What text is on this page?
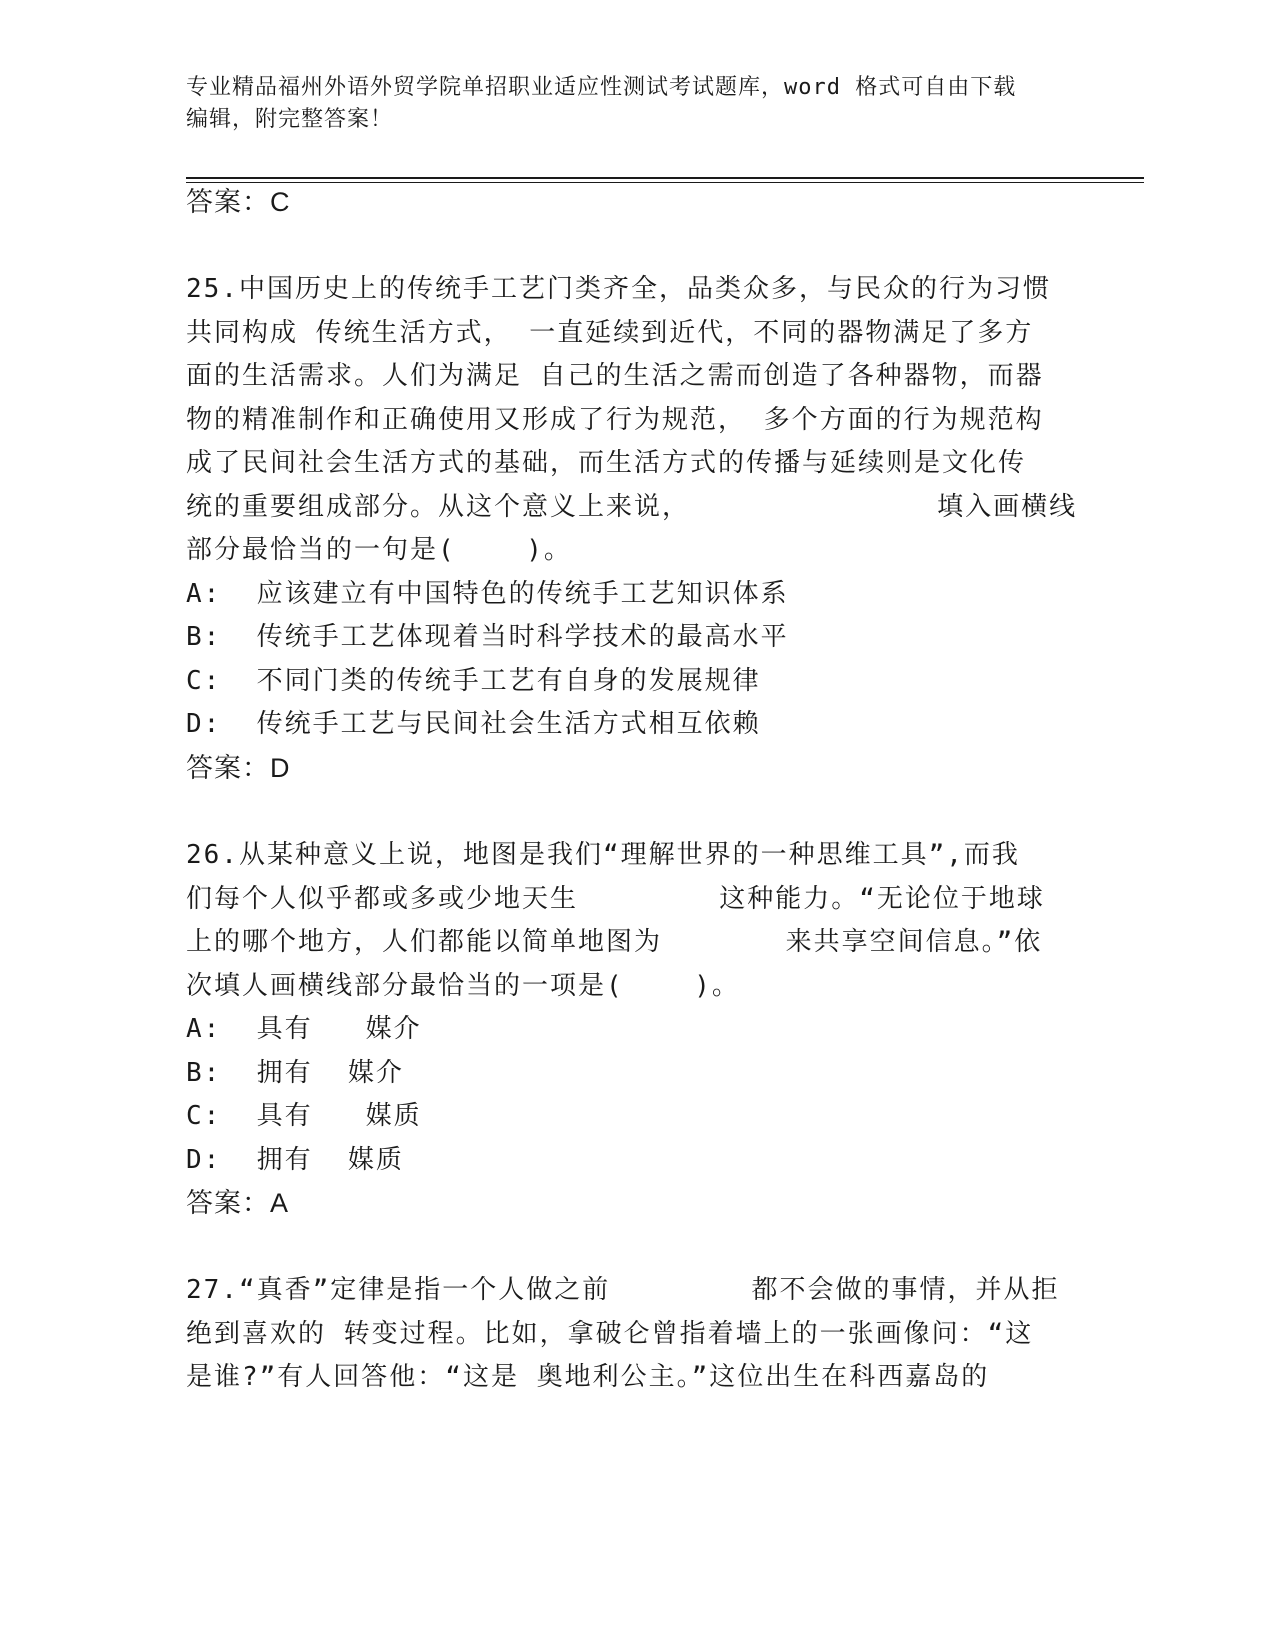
专业精品福州外语外贸学院单招职业适应性测试考试题库，word 格式可自由下载
编辑，附完整答案！
答案：C
25.中国历史上的传统手工艺门类齐全，品类众多，与民众的行为习惯
共同构成 传统生活方式， 一直延续到近代，不同的器物满足了多方
面的生活需求。人们为满足 自己的生活之需而创造了各种器物，而器
物的精准制作和正确使用又形成了行为规范， 多个方面的行为规范构
成了民间社会生活方式的基础，而生活方式的传播与延续则是文化传
统的重要组成部分。从这个意义上来说，              填入画横线
部分最恰当的一句是(    )。
A:  应该建立有中国特色的传统手工艺知识体系
B:  传统手工艺体现着当时科学技术的最高水平
C:  不同门类的传统手工艺有自身的发展规律
D:  传统手工艺与民间社会生活方式相互依赖
答案：D
26.从某种意义上说，地图是我们“理解世界的一种思维工具”,而我
们每个人似乎都或多或少地天生        这种能力。“无论位于地球
上的哪个地方，人们都能以简单地图为       来共享空间信息。”依
次填人画横线部分最恰当的一项是(    )。
A:  具有   媒介
B:  拥有  媒介
C:  具有   媒质
D:  拥有  媒质
答案：A
27.“真香”定律是指一个人做之前        都不会做的事情，并从拒
绝到喜欢的 转变过程。比如，拿破仑曾指着墙上的一张画像问：“这
是谁?”有人回答他：“这是 奥地利公主。”这位出生在科西嘉岛的
